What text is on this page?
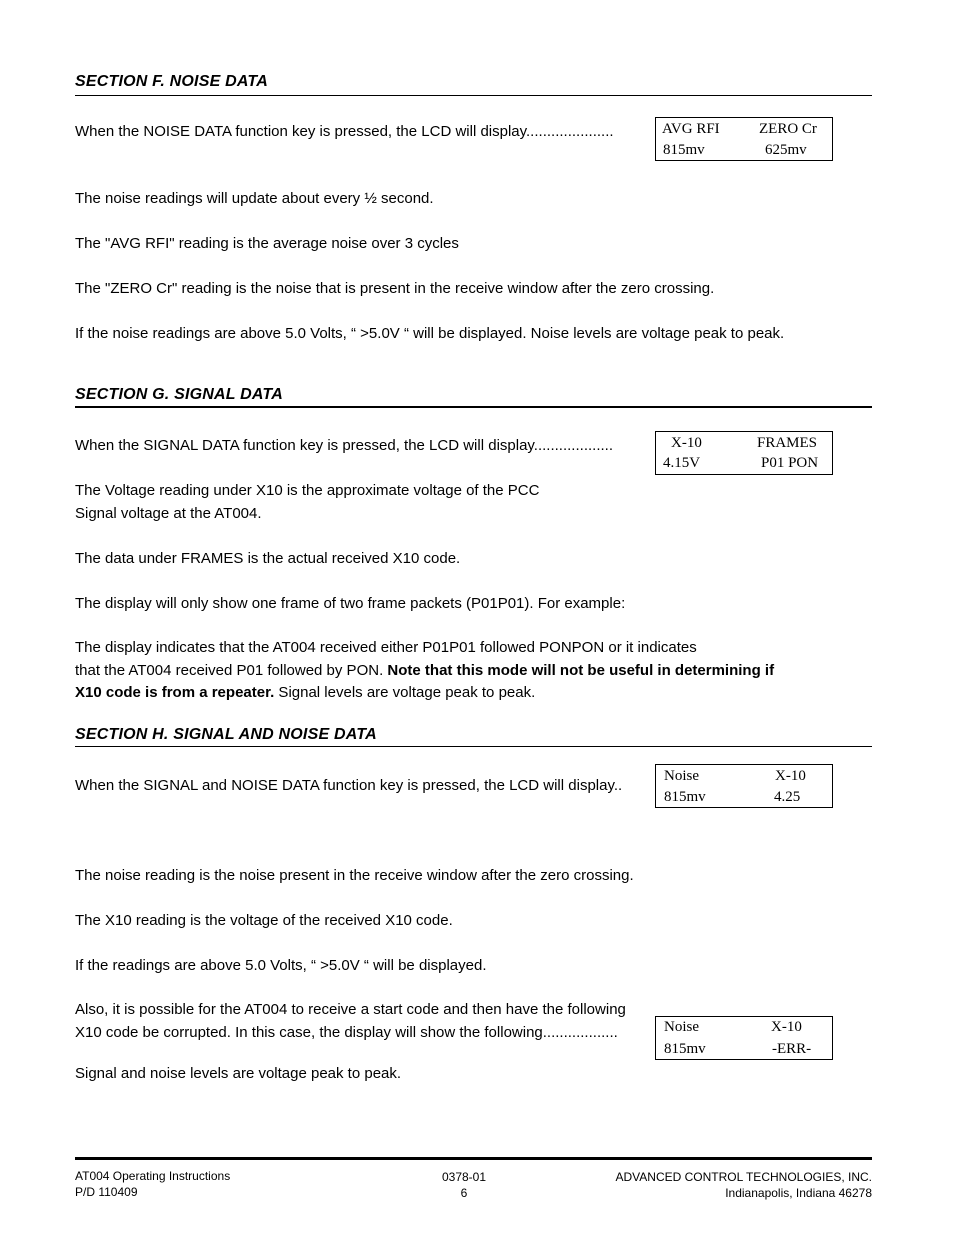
SECTION F. NOISE DATA
When the NOISE DATA function key is pressed, the LCD will display.....................	AVG RFI	ZERO Cr
815mv	625mv
The noise readings will update about every ½ second.
The "AVG RFI" reading is the average noise over 3 cycles
The "ZERO Cr" reading is the noise that is present in the receive window after the zero crossing.
If the noise readings are above 5.0 Volts, “ >5.0V “ will be displayed. Noise levels are voltage peak to peak.
SECTION G. SIGNAL DATA
When the SIGNAL DATA function key is pressed, the LCD will display...................	X-10	FRAMES
4.15V	P01 PON
The Voltage reading under X10 is the approximate voltage of the PCC
Signal voltage at the AT004.
The data under FRAMES is the actual received X10 code.
The display will only show one frame of two frame packets (P01P01). For example:
The display indicates that the AT004 received either P01P01 followed PONPON or it indicates
that the AT004 received P01 followed by PON. Note that this mode will not be useful in determining if
X10 code is from a repeater. Signal levels are voltage peak to peak.
SECTION H. SIGNAL AND NOISE DATA
When the SIGNAL and NOISE DATA function key is pressed, the LCD will display..
Noise	X-10
815mv	4.25
The noise reading is the noise present in the receive window after the zero crossing.
The X10 reading is the voltage of the received X10 code.
If the readings are above 5.0 Volts, “ >5.0V “ will be displayed.
Also, it is possible for the AT004 to receive a start code and then have the following
X10 code be corrupted. In this case, the display will show the following..................	Noise	X-10
815mv	-ERR-
Signal and noise levels are voltage peak to peak.
AT004 Operating Instructions
P/D 110409
0378-01
6
ADVANCED CONTROL TECHNOLOGIES, INC.
Indianapolis, Indiana 46278
